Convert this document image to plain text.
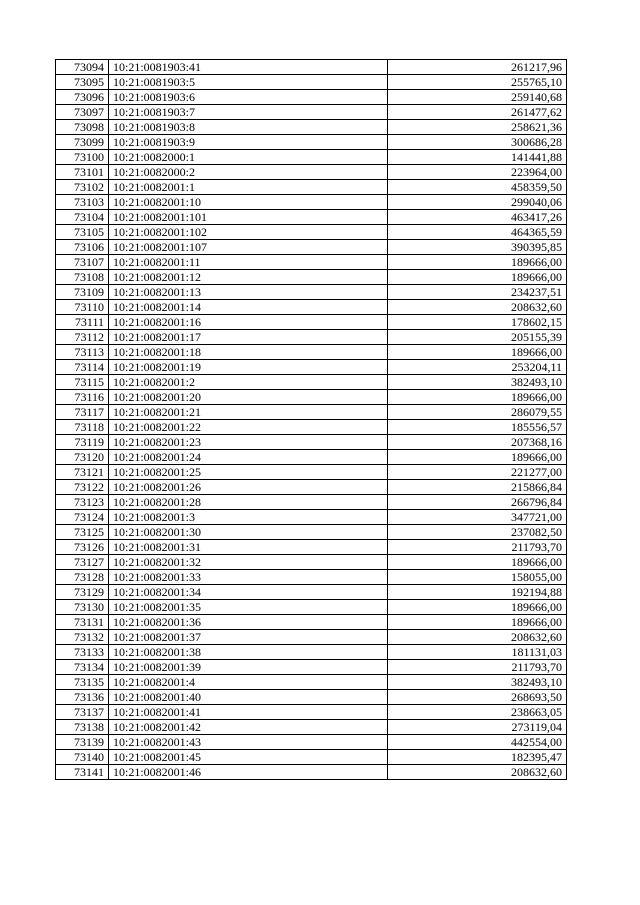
73094	10:21:0081903:41	261217,96
73095	10:21:0081903:5	255765,10
73096	10:21:0081903:6	259140,68
73097	10:21:0081903:7	261477,62
73098	10:21:0081903:8	258621,36
73099	10:21:0081903:9	300686,28
73100	10:21:0082000:1	141441,88
73101	10:21:0082000:2	223964,00
73102	10:21:0082001:1	458359,50
73103	10:21:0082001:10	299040,06
73104	10:21:0082001:101	463417,26
73105	10:21:0082001:102	464365,59
73106	10:21:0082001:107	390395,85
73107	10:21:0082001:11	189666,00
73108	10:21:0082001:12	189666,00
73109	10:21:0082001:13	234237,51
73110	10:21:0082001:14	208632,60
73111	10:21:0082001:16	178602,15
73112	10:21:0082001:17	205155,39
73113	10:21:0082001:18	189666,00
73114	10:21:0082001:19	253204,11
73115	10:21:0082001:2	382493,10
73116	10:21:0082001:20	189666,00
73117	10:21:0082001:21	286079,55
73118	10:21:0082001:22	185556,57
73119	10:21:0082001:23	207368,16
73120	10:21:0082001:24	189666,00
73121	10:21:0082001:25	221277,00
73122	10:21:0082001:26	215866,84
73123	10:21:0082001:28	266796,84
73124	10:21:0082001:3	347721,00
73125	10:21:0082001:30	237082,50
73126	10:21:0082001:31	211793,70
73127	10:21:0082001:32	189666,00
73128	10:21:0082001:33	158055,00
73129	10:21:0082001:34	192194,88
73130	10:21:0082001:35	189666,00
73131	10:21:0082001:36	189666,00
73132	10:21:0082001:37	208632,60
73133	10:21:0082001:38	181131,03
73134	10:21:0082001:39	211793,70
73135	10:21:0082001:4	382493,10
73136	10:21:0082001:40	268693,50
73137	10:21:0082001:41	238663,05
73138	10:21:0082001:42	273119,04
73139	10:21:0082001:43	442554,00
73140	10:21:0082001:45	182395,47
73141	10:21:0082001:46	208632,60
